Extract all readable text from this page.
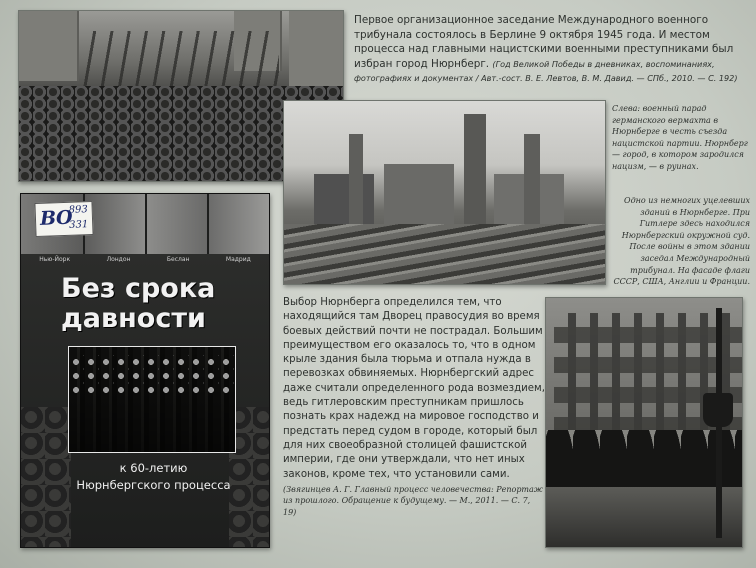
Нью-Йорк	Лондон	Беслан	Мадрид
Без срока
давности
к 60-летию
Нюрнбергского процесса
ВО
893
331
Первое организационное заседание Международного военного трибунала состоялось в Берлине 9 октября 1945 года. И местом процесса над главными нацистскими военными преступниками был избран город Нюрнберг. (Год Великой Победы в дневниках, воспоминаниях, фотографиях и документах / Авт.-сост. В. Е. Левтов, В. М. Давид. — СПб., 2010. — С. 192)
Слева: военный парад германского вермахта в Нюрнберге в честь съезда нацистской партии. Нюрнберг — город, в котором зародился нацизм, — в руинах.
Одно из немногих уцелевших зданий в Нюрнберге. При Гитлере здесь находился Нюрнбергский окружной суд. После войны в этом здании заседал Международный трибунал. На фасаде флаги СССР, США, Англии и Франции.
Выбор Нюрнберга определился тем, что находящийся там Дворец правосудия во время боевых действий почти не пострадал. Большим преимуществом его оказалось то, что в одном крыле здания была тюрьма и отпала нужда в перевозках обвиняемых. Нюрнбергский адрес даже считали определенного рода возмездием, ведь гитлеровским преступникам пришлось познать крах надежд на мировое господство и предстать перед судом в городе, который был для них своеобразной столицей фашистской империи, где они утверждали, что нет иных законов, кроме тех, что установили сами.
(Звягинцев А. Г. Главный процесс человечества: Репортаж из прошлого. Обращение к будущему. — М., 2011. — С. 7, 19)
